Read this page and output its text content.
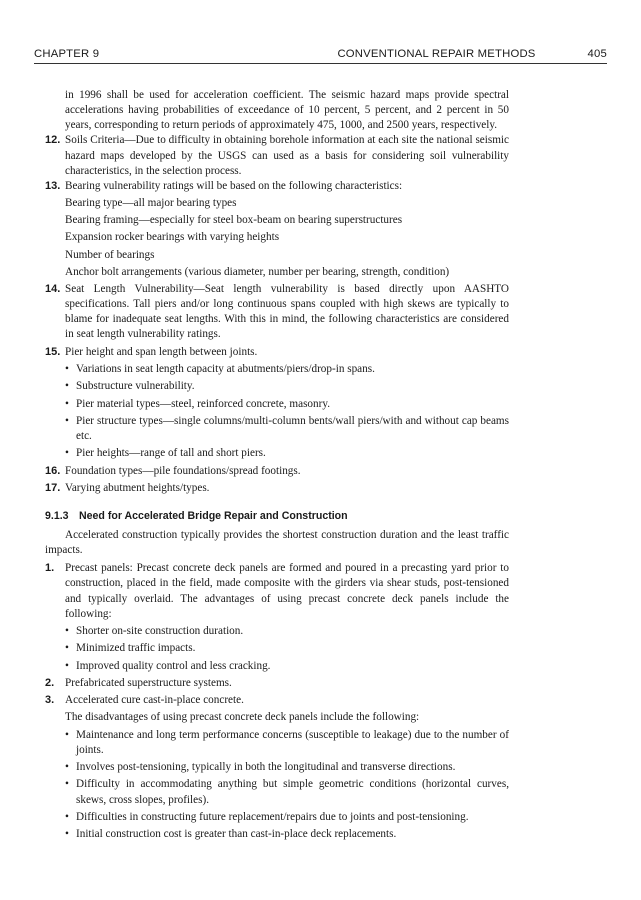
CHAPTER 9	CONVENTIONAL REPAIR METHODS	405

in 1996 shall be used for acceleration coefficient. The seismic hazard maps provide spectral accelerations having probabilities of exceedance of 10 percent, 5 percent, and 2 percent in 50 years, corresponding to return periods of approximately 475, 1000, and 2500 years, respectively.

12. Soils Criteria—Due to difficulty in obtaining borehole information at each site the national seismic hazard maps developed by the USGS can used as a basis for considering soil vulnerability characteristics, in the selection process.
13. Bearing vulnerability ratings will be based on the following characteristics:
Bearing type—all major bearing types
Bearing framing—especially for steel box-beam on bearing superstructures
Expansion rocker bearings with varying heights
Number of bearings
Anchor bolt arrangements (various diameter, number per bearing, strength, condition)
14. Seat Length Vulnerability—Seat length vulnerability is based directly upon AASHTO specifications. Tall piers and/or long continuous spans coupled with high skews are typically to blame for inadequate seat lengths. With this in mind, the following characteristics are considered in seat length vulnerability ratings.
15. Pier height and span length between joints.
• Variations in seat length capacity at abutments/piers/drop-in spans.
• Substructure vulnerability.
• Pier material types—steel, reinforced concrete, masonry.
• Pier structure types—single columns/multi-column bents/wall piers/with and without cap beams etc.
• Pier heights—range of tall and short piers.
16. Foundation types—pile foundations/spread footings.
17. Varying abutment heights/types.
9.1.3 Need for Accelerated Bridge Repair and Construction

Accelerated construction typically provides the shortest construction duration and the least traffic impacts.

1. Precast panels: Precast concrete deck panels are formed and poured in a precasting yard prior to construction, placed in the field, made composite with the girders via shear studs, post-tensioned and typically overlaid. The advantages of using precast concrete deck panels include the following:
• Shorter on-site construction duration.
• Minimized traffic impacts.
• Improved quality control and less cracking.
2. Prefabricated superstructure systems.
3. Accelerated cure cast-in-place concrete.
The disadvantages of using precast concrete deck panels include the following:
• Maintenance and long term performance concerns (susceptible to leakage) due to the number of joints.
• Involves post-tensioning, typically in both the longitudinal and transverse directions.
• Difficulty in accommodating anything but simple geometric conditions (horizontal curves, skews, cross slopes, profiles).
• Difficulties in constructing future replacement/repairs due to joints and post-tensioning.
• Initial construction cost is greater than cast-in-place deck replacements.
